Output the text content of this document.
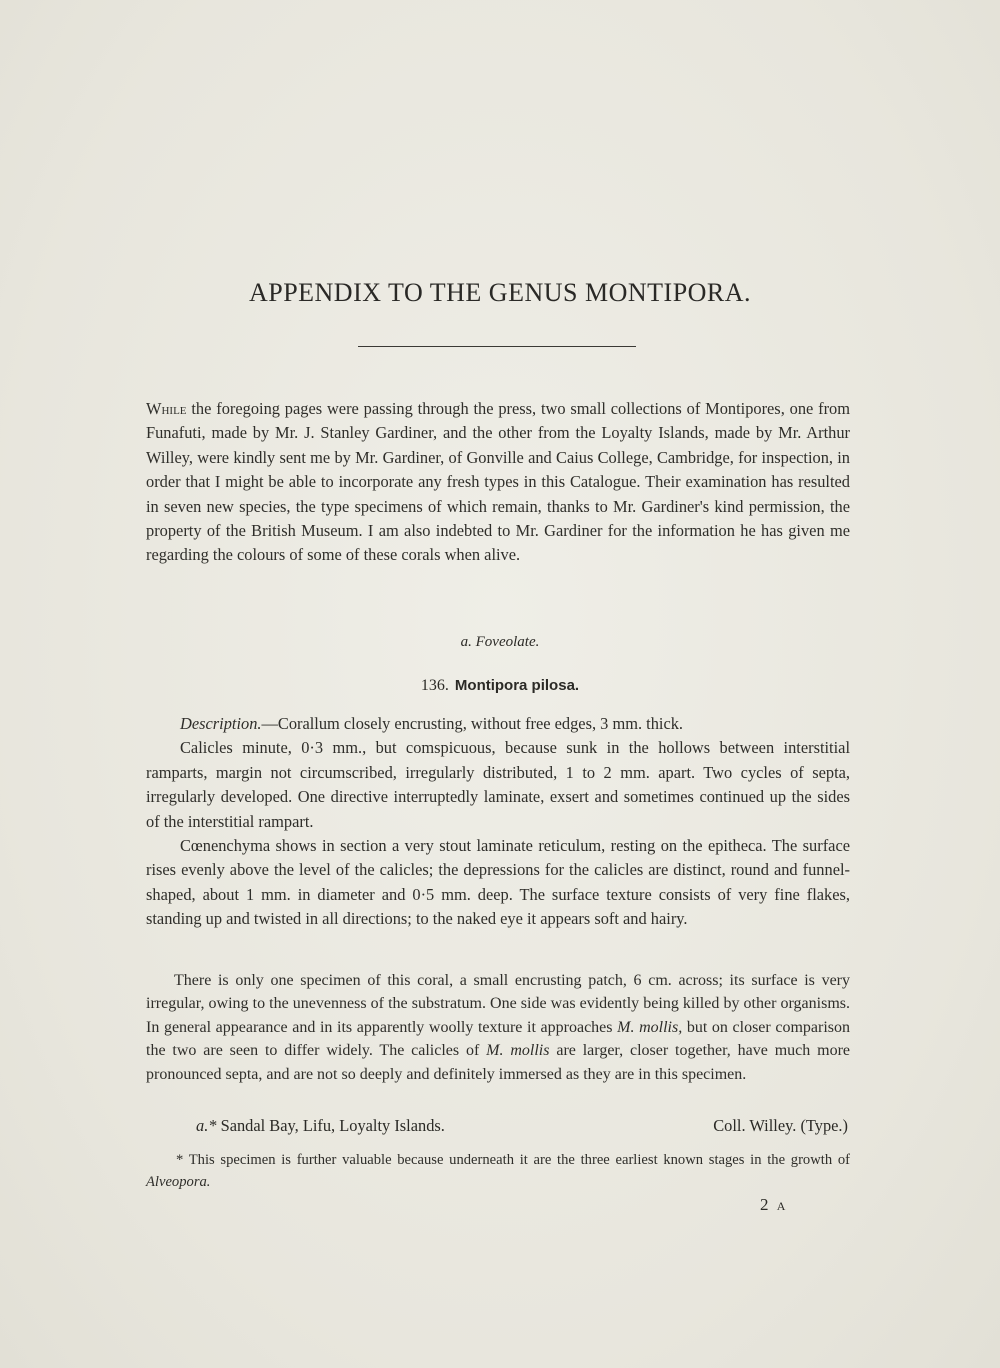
APPENDIX TO THE GENUS MONTIPORA.
While the foregoing pages were passing through the press, two small collections of Montipores, one from Funafuti, made by Mr. J. Stanley Gardiner, and the other from the Loyalty Islands, made by Mr. Arthur Willey, were kindly sent me by Mr. Gardiner, of Gonville and Caius College, Cambridge, for inspection, in order that I might be able to incorporate any fresh types in this Catalogue. Their examination has resulted in seven new species, the type specimens of which remain, thanks to Mr. Gardiner's kind permission, the property of the British Museum. I am also indebted to Mr. Gardiner for the information he has given me regarding the colours of some of these corals when alive.
a. Foveolate.
136. Montipora pilosa.

Description.—Corallum closely encrusting, without free edges, 3 mm. thick.

Calicles minute, 0·3 mm., but comspicuous, because sunk in the hollows between interstitial ramparts, margin not circumscribed, irregularly distributed, 1 to 2 mm. apart. Two cycles of septa, irregularly developed. One directive interruptedly laminate, exsert and sometimes continued up the sides of the interstitial rampart.

Cœnenchyma shows in section a very stout laminate reticulum, resting on the epitheca. The surface rises evenly above the level of the calicles; the depressions for the calicles are distinct, round and funnel-shaped, about 1 mm. in diameter and 0·5 mm. deep. The surface texture consists of very fine flakes, standing up and twisted in all directions; to the naked eye it appears soft and hairy.

There is only one specimen of this coral, a small encrusting patch, 6 cm. across; its surface is very irregular, owing to the unevenness of the substratum. One side was evidently being killed by other organisms. In general appearance and in its apparently woolly texture it approaches M. mollis, but on closer comparison the two are seen to differ widely. The calicles of M. mollis are larger, closer together, have much more pronounced septa, and are not so deeply and definitely immersed as they are in this specimen.

a.* Sandal Bay, Lifu, Loyalty Islands.	Coll. Willey. (Type.)

* This specimen is further valuable because underneath it are the three earliest known stages in the growth of Alveopora.

2 A
